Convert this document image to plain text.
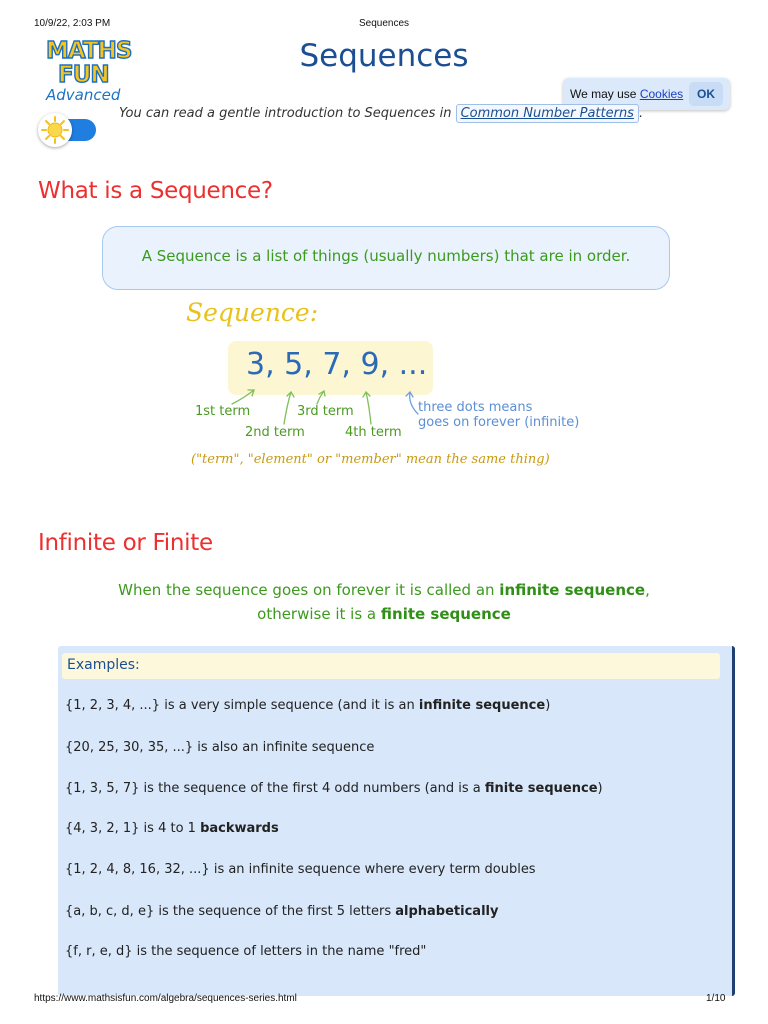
10/9/22, 2:03 PM	Sequences
MATHS
FUN
Advanced
Sequences
We may use Cookies	OK
You can read a gentle introduction to Sequences in Common Number Patterns .
What is a Sequence?
A Sequence is a list of things (usually numbers) that are in order.
Sequence:
3, 5, 7, 9, ...
1st term
2nd term
3rd term
4th term
three dots means
goes on forever (infinite)
("term", "element" or "member" mean the same thing)
Infinite or Finite
When the sequence goes on forever it is called an infinite sequence,
otherwise it is a finite sequence
Examples:
{1, 2, 3, 4, ...} is a very simple sequence (and it is an infinite sequence)
{20, 25, 30, 35, ...} is also an infinite sequence
{1, 3, 5, 7} is the sequence of the first 4 odd numbers (and is a finite sequence)
{4, 3, 2, 1} is 4 to 1 backwards
{1, 2, 4, 8, 16, 32, ...} is an infinite sequence where every term doubles
{a, b, c, d, e} is the sequence of the first 5 letters alphabetically
{f, r, e, d} is the sequence of letters in the name "fred"
https://www.mathsisfun.com/algebra/sequences-series.html	1/10
